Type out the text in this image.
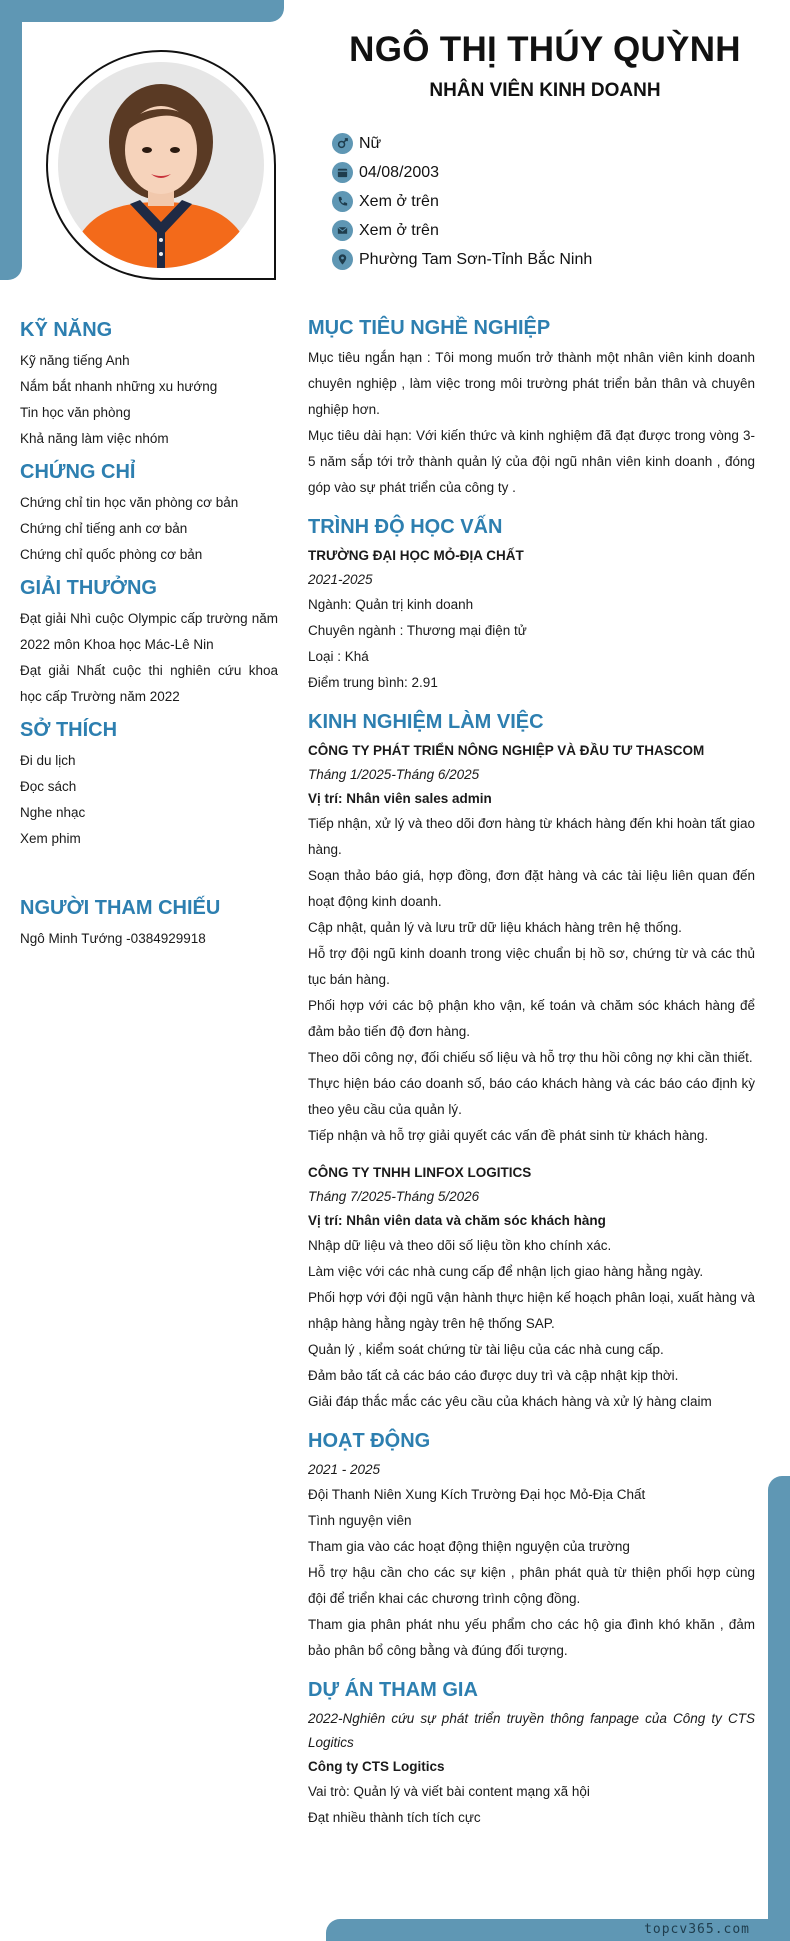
topcv365.com
NGÔ THỊ THÚY QUỲNH
NHÂN VIÊN KINH DOANH
Nữ
04/08/2003
Xem ở trên
Xem ở trên
Phường Tam Sơn-Tỉnh Bắc Ninh
KỸ NĂNG
Kỹ năng tiếng Anh
Nắm bắt nhanh những xu hướng
Tin học văn phòng
Khả năng làm việc nhóm
CHỨNG CHỈ
Chứng chỉ tin học văn phòng cơ bản
Chứng chỉ tiếng anh cơ bản
Chứng chỉ quốc phòng cơ bản
GIẢI THƯỞNG
Đạt giải Nhì cuộc Olympic cấp trường năm 2022 môn Khoa học Mác-Lê Nin
Đạt giải Nhất cuộc thi nghiên cứu khoa học cấp Trường năm 2022
SỞ THÍCH
Đi du lịch
Đọc sách
Nghe nhạc
Xem phim
NGƯỜI THAM CHIẾU
Ngô Minh Tướng -0384929918
MỤC TIÊU NGHỀ NGHIỆP
Mục tiêu ngắn hạn : Tôi mong muốn trở thành một nhân viên kinh doanh chuyên nghiệp , làm việc trong môi trường phát triển bản thân và chuyên nghiệp hơn.
Mục tiêu dài hạn: Với kiến thức và kinh nghiệm đã đạt được trong vòng 3-5 năm sắp tới trở thành quản lý của đội ngũ nhân viên kinh doanh , đóng góp vào sự phát triển của công ty .
TRÌNH ĐỘ HỌC VẤN
TRƯỜNG ĐẠI HỌC MỎ-ĐỊA CHẤT
2021-2025
Ngành: Quản trị kinh doanh
Chuyên ngành : Thương mại điện tử
Loại : Khá
Điểm trung bình: 2.91
KINH NGHIỆM LÀM VIỆC
CÔNG TY PHÁT TRIỂN NÔNG NGHIỆP VÀ ĐẦU TƯ THASCOM
Tháng 1/2025-Tháng 6/2025
Vị trí: Nhân viên sales admin
Tiếp nhận, xử lý và theo dõi đơn hàng từ khách hàng đến khi hoàn tất giao hàng.
Soạn thảo báo giá, hợp đồng, đơn đặt hàng và các tài liệu liên quan đến hoạt động kinh doanh.
Cập nhật, quản lý và lưu trữ dữ liệu khách hàng trên hệ thống.
Hỗ trợ đội ngũ kinh doanh trong việc chuẩn bị hồ sơ, chứng từ và các thủ tục bán hàng.
Phối hợp với các bộ phận kho vận, kế toán và chăm sóc khách hàng để đảm bảo tiến độ đơn hàng.
Theo dõi công nợ, đối chiếu số liệu và hỗ trợ thu hồi công nợ khi cần thiết.
Thực hiện báo cáo doanh số, báo cáo khách hàng và các báo cáo định kỳ theo yêu cầu của quản lý.
Tiếp nhận và hỗ trợ giải quyết các vấn đề phát sinh từ khách hàng.
CÔNG TY TNHH LINFOX LOGITICS
Tháng 7/2025-Tháng 5/2026
Vị trí: Nhân viên data và chăm sóc khách hàng
Nhập dữ liệu và theo dõi số liệu tồn kho chính xác.
Làm việc với các nhà cung cấp để nhận lịch giao hàng hằng ngày.
Phối hợp với đội ngũ vận hành thực hiện kế hoạch phân loại, xuất hàng và nhập hàng hằng ngày trên hệ thống SAP.
Quản lý , kiểm soát chứng từ tài liệu của các nhà cung cấp.
Đảm bảo tất cả các báo cáo được duy trì và cập nhật kịp thời.
Giải đáp thắc mắc các yêu cầu của khách hàng và xử lý hàng claim
HOẠT ĐỘNG
2021 - 2025
Đội Thanh Niên Xung Kích Trường Đại học Mỏ-Địa Chất
Tình nguyện viên
Tham gia vào các hoạt động thiện nguyện của trường
Hỗ trợ hậu cần cho các sự kiện , phân phát quà từ thiện phối hợp cùng đội để triển khai các chương trình cộng đồng.
Tham gia phân phát nhu yếu phẩm cho các hộ gia đình khó khăn , đảm bảo phân bổ công bằng và đúng đối tượng.
DỰ ÁN THAM GIA
2022-Nghiên cứu sự phát triển truyền thông fanpage của Công ty CTS Logitics
Công ty CTS Logitics
Vai trò: Quản lý và viết bài content mạng xã hội
Đạt nhiều thành tích tích cực
